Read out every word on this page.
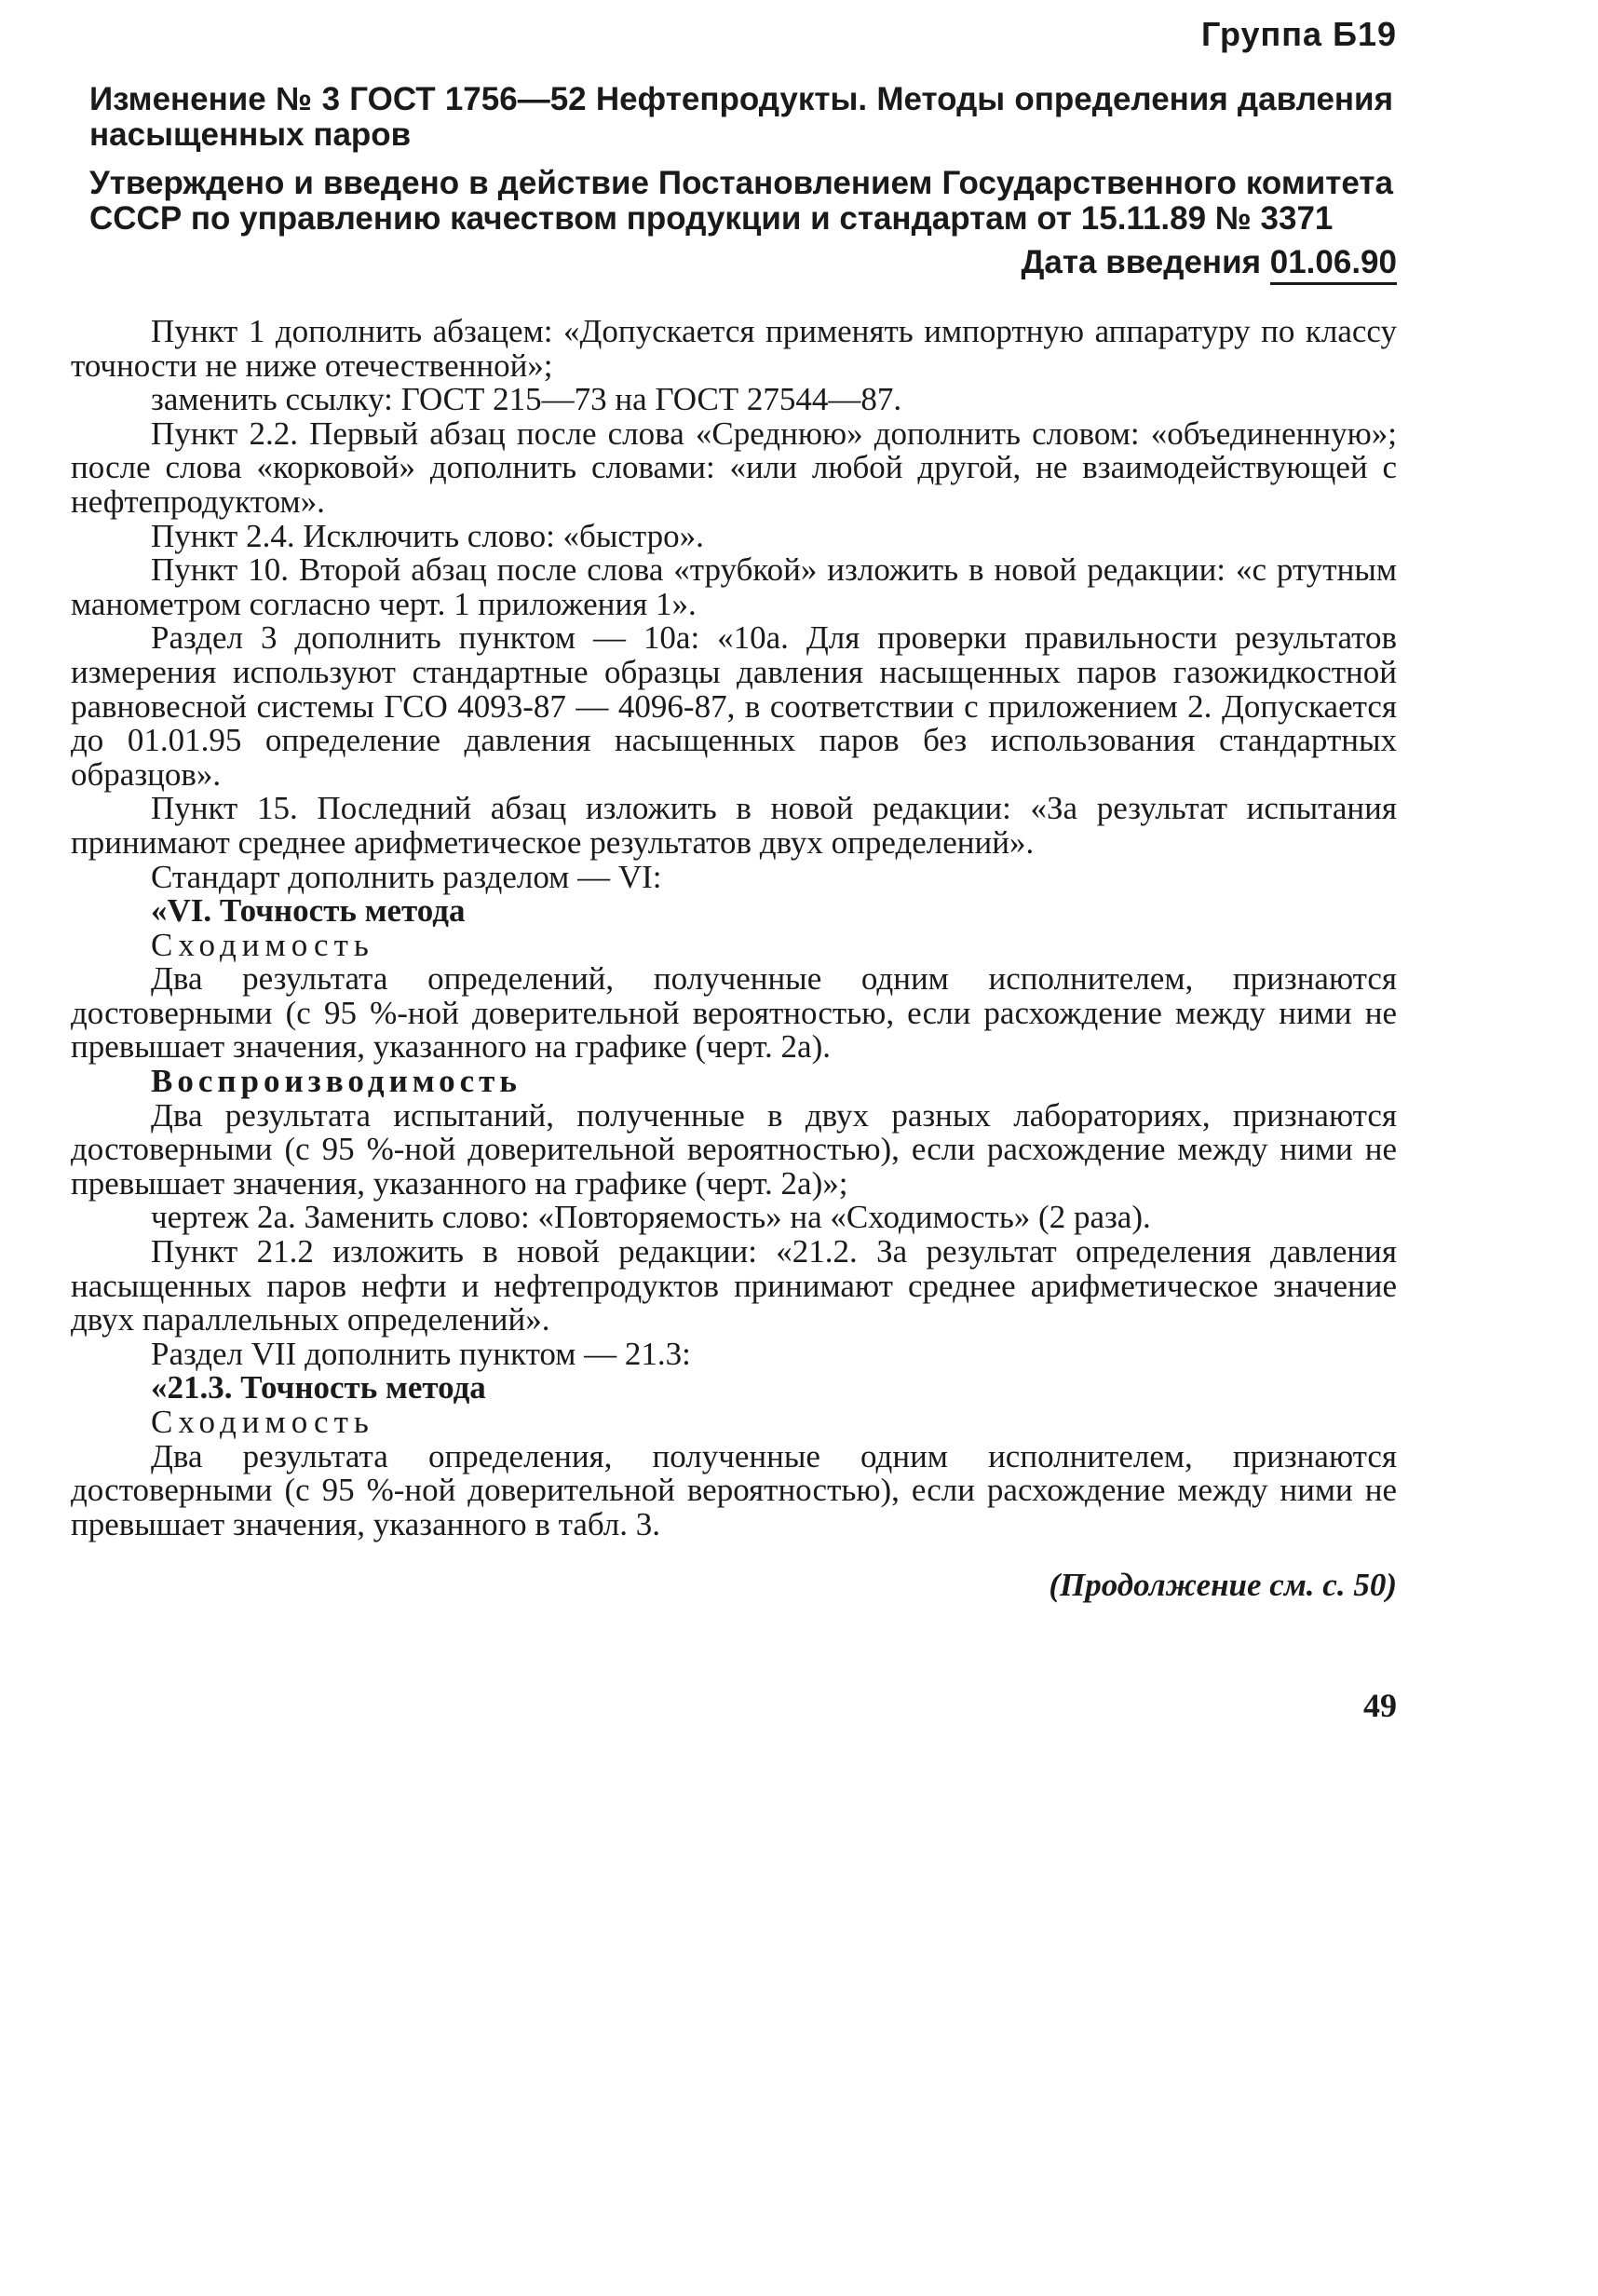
Группа Б19
Изменение № 3 ГОСТ 1756—52 Нефтепродукты. Методы определения давления насыщенных паров
Утверждено и введено в действие Постановлением Государственного комитета СССР по управлению качеством продукции и стандартам от 15.11.89 № 3371
Дата введения 01.06.90

Пункт 1 дополнить абзацем: «Допускается применять импортную аппаратуру по классу точности не ниже отечественной»;

заменить ссылку: ГОСТ 215—73 на ГОСТ 27544—87.

Пункт 2.2. Первый абзац после слова «Среднюю» дополнить словом: «объединенную»; после слова «корковой» дополнить словами: «или любой другой, не взаимодействующей с нефтепродуктом».

Пункт 2.4. Исключить слово: «быстро».

Пункт 10. Второй абзац после слова «трубкой» изложить в новой редакции: «с ртутным манометром согласно черт. 1 приложения 1».

Раздел 3 дополнить пунктом — 10а: «10а. Для проверки правильности результатов измерения используют стандартные образцы давления насыщенных паров газожидкостной равновесной системы ГСО 4093-87 — 4096-87, в соответствии с приложением 2. Допускается до 01.01.95 определение давления насыщенных паров без использования стандартных образцов».

Пункт 15. Последний абзац изложить в новой редакции: «За результат испытания принимают среднее арифметическое результатов двух определений».

Стандарт дополнить разделом — VI:

«VI. Точность метода

Сходимость

Два результата определений, полученные одним исполнителем, признаются достоверными (с 95 %-ной доверительной вероятностью, если расхождение между ними не превышает значения, указанного на графике (черт. 2а).

Воспроизводимость

Два результата испытаний, полученные в двух разных лабораториях, признаются достоверными (с 95 %-ной доверительной вероятностью), если расхождение между ними не превышает значения, указанного на графике (черт. 2а)»;

чертеж 2а. Заменить слово: «Повторяемость» на «Сходимость» (2 раза).

Пункт 21.2 изложить в новой редакции: «21.2. За результат определения давления насыщенных паров нефти и нефтепродуктов принимают среднее арифметическое значение двух параллельных определений».

Раздел VII дополнить пунктом — 21.3:

«21.3. Точность метода

Сходимость

Два результата определения, полученные одним исполнителем, признаются достоверными (с 95 %-ной доверительной вероятностью), если расхождение между ними не превышает значения, указанного в табл. 3.

(Продолжение см. с. 50)
49
